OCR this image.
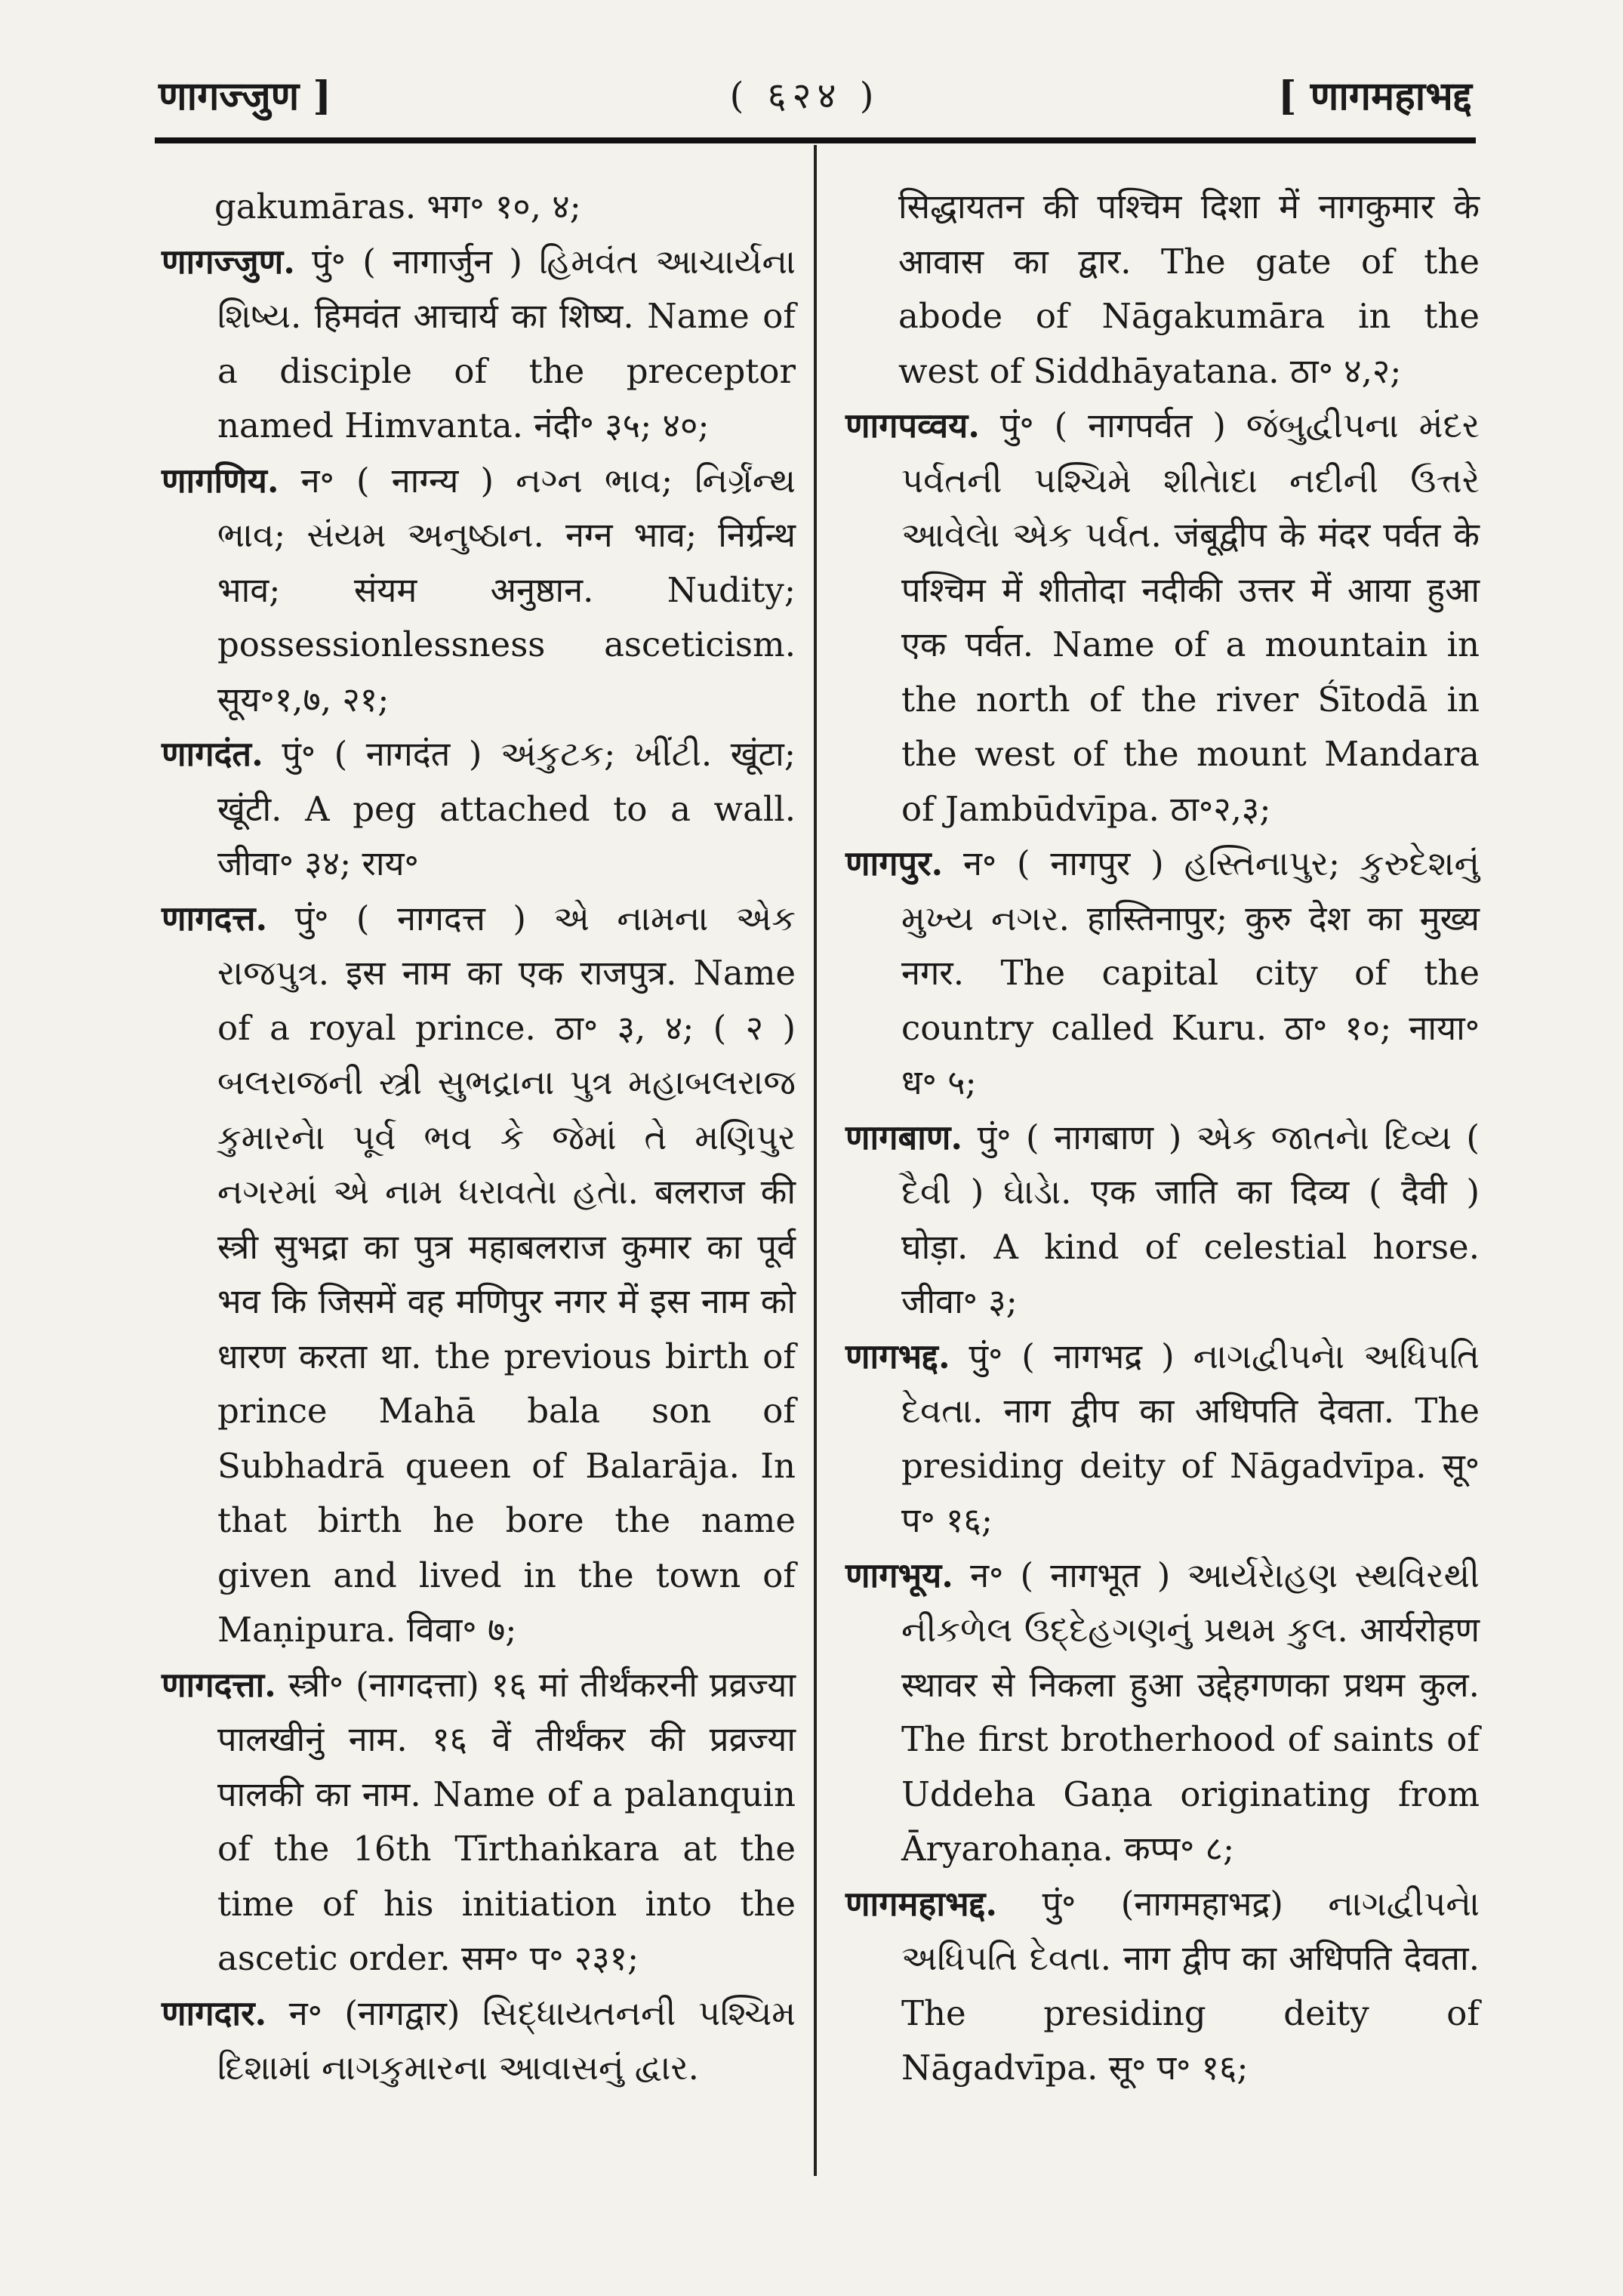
णागज्जुण ]	( ६२४ )	[ णागमहाभद्द

gakumāras. भग॰ १०, ४;

णागज्जुण. पुं॰ ( नागार्जुन ) હિમવંત આચાર્યના શિષ્ય. हिमवंत आचार्य का शिष्य. Name of a disciple of the preceptor named Himvanta. नंदी॰ ३५; ४०;

णागणिय. न॰ ( नाग्न्य ) નગ્ન ભાવ; નિર્ગ્રંન્થ ભાવ; સંયમ અનુષ્ઠાન. नग्न भाव; निर्ग्रन्थ भाव; संयम अनुष्ठान. Nudity; possessionlessness asceticism. सूय॰१,७, २१;

णागदंत. पुं॰ ( नागदंत ) અંકુટક; ખીંટી. खूंटा; खूंटी. A peg attached to a wall. जीवा॰ ३४; राय॰

णागदत्त. पुं॰ ( नागदत्त ) એ નામના એક રાજપુત્ર. इस नाम का एक राजपुत्र. Name of a royal prince. ठा॰ ३, ४; ( २ ) બલરાજની સ્ત્રી સુભદ્રાના પુત્ર મહાબલરાજ કુમારનેા પૂર્વ ભવ કે જેમાં તે મણિપુર નગરમાં એ નામ ધરાવતેા હતેા. बलराज की स्त्री सुभद्रा का पुत्र महाबलराज कुमार का पूर्व भव कि जिसमें वह मणिपुर नगर में इस नाम को धारण करता था. the previous birth of prince Mahā bala son of Subhadrā queen of Balarāja. In that birth he bore the name given and lived in the town of Maṇipura. विवा॰ ७;

णागदत्ता. स्त्री॰ (नागदत्ता) १६ मां तीर्थंकरनी प्रव्रज्या पालखीनुं नाम. १६ वें तीर्थंकर की प्रव्रज्या पालकी का नाम. Name of a palanquin of the 16th Tīrthaṅkara at the time of his initiation into the ascetic order. सम॰ प॰ २३१;

णागदार. न॰ (नागद्वार) સિદ્ધાયતનની પશ્ચિમ દિશામાં નાગકુમારના આવાસનું દ્વાર.

सिद्धायतन की पश्चिम दिशा में नागकुमार के आवास का द्वार. The gate of the abode of Nāgakumāra in the west of Siddhāyatana. ठा॰ ४,२;

णागपव्वय. पुं॰ ( नागपर्वत ) જંબુદ્વીપના મંદર પર્વતની પશ્ચિમે શીતાેદા નદીની ઉત્તરે આવેલાે એક પર્વત. जंबूद्वीप के मंदर पर्वत के पश्चिम में शीतोदा नदीकी उत्तर में आया हुआ एक पर्वत. Name of a mountain in the north of the river Śītodā in the west of the mount Mandara of Jambūdvīpa. ठा॰२,३;

णागपुर. न॰ ( नागपुर ) હસ્તિનાપુર; કુરુદેશનું મુખ્ય નગર. हास्तिनापुर; कुरु देश का मुख्य नगर. The capital city of the country called Kuru. ठा॰ १०; नाया॰ ध॰ ५;

णागबाण. पुं॰ ( नागबाण ) એક જાતનેા દિવ્ય ( દૈવી ) ઘેાડેા. एक जाति का दिव्य ( दैवी ) घोड़ा. A kind of celestial horse. जीवा॰ ३;

णागभद्द. पुं॰ ( नागभद्र ) નાગદ્વીપનેા અધિપતિ દેવતા. नाग द्वीप का अधिपति देवता. The presiding deity of Nāgadvīpa. सू॰ प॰ १६;

णागभूय. न॰ ( नागभूत ) આર્યરેાહણ સ્થવિરથી નીકળેલ ઉદ્દેહગણનું પ્રથમ કુલ. आर्यरोहण स्थावर से निकला हुआ उद्देहगणका प्रथम कुल. The first brotherhood of saints of Uddeha Gaṇa originating from Āryarohaṇa. कप्प॰ ८;

णागमहाभद्द. पुं॰ (नागमहाभद्र) નાગદ્વીપનેા અધિપતિ દેવતા. नाग द्वीप का अधिपति देवता. The presiding deity of Nāgadvīpa. सू॰ प॰ १६;
